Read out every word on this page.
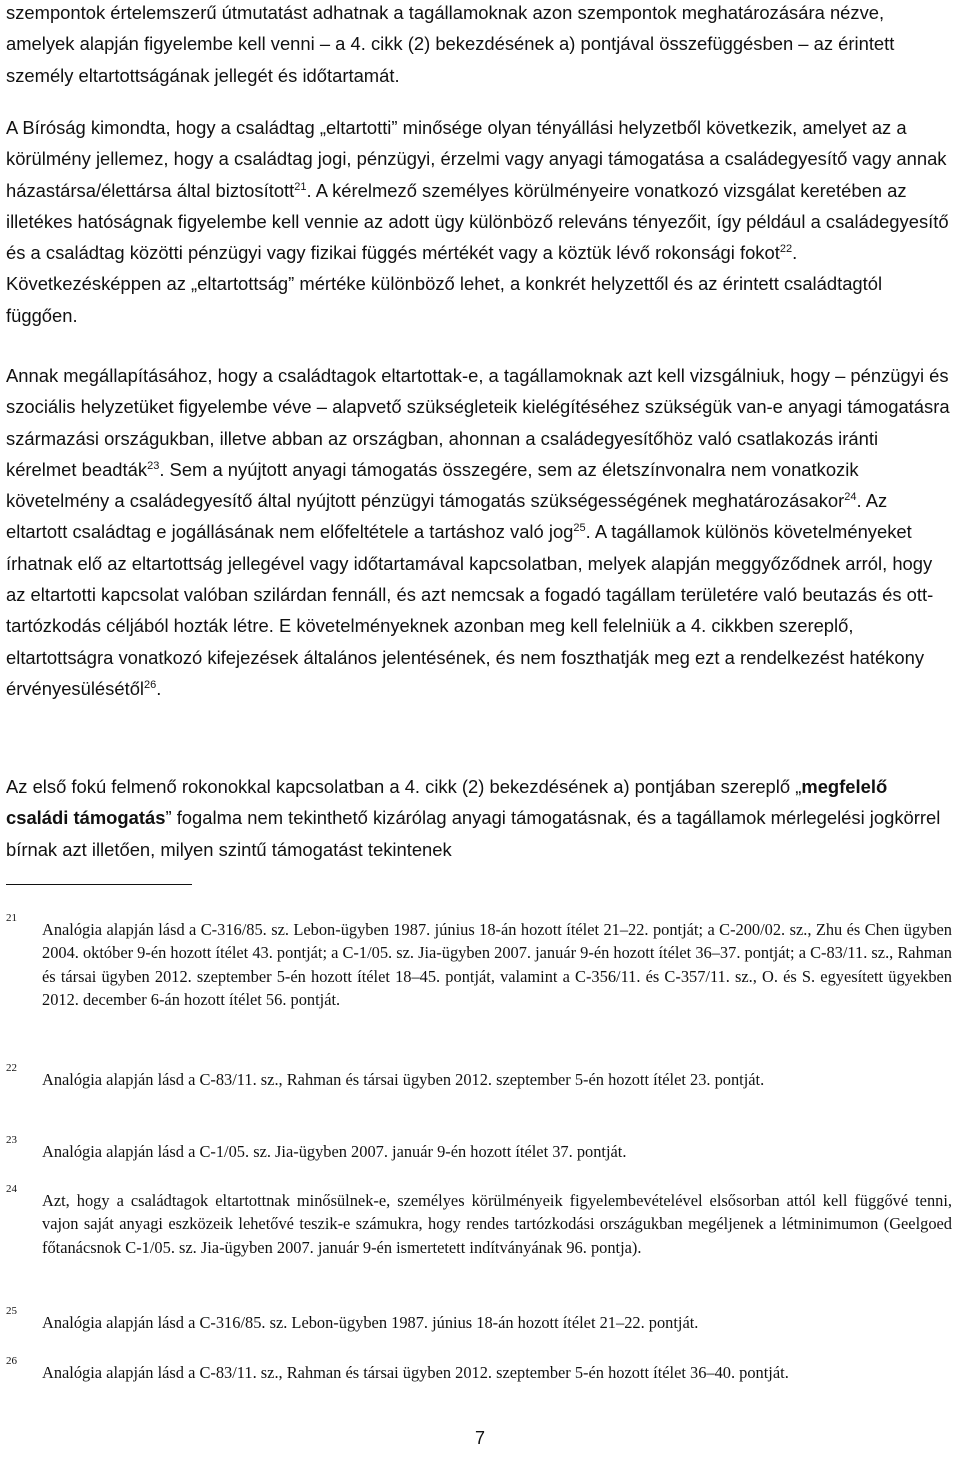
szempontok értelemszerű útmutatást adhatnak a tagállamoknak azon szempontok meghatározására nézve, amelyek alapján figyelembe kell venni – a 4. cikk (2) bekezdésének a) pontjával összefüggésben – az érintett személy eltartottságának jellegét és időtartamát.

A Bíróság kimondta, hogy a családtag „eltartotti” minősége olyan tényállási helyzetből következik, amelyet az a körülmény jellemez, hogy a családtag jogi, pénzügyi, érzelmi vagy anyagi támogatása a családegyesítő vagy annak házastársa/élettársa által biztosított$^{21}$. A kérelmező személyes körülményeire vonatkozó vizsgálat keretében az illetékes hatóságnak figyelembe kell vennie az adott ügy különböző releváns tényezőit, így például a családegyesítő és a családtag közötti pénzügyi vagy fizikai függés mértékét vagy a köztük lévő rokonsági fokot$^{22}$. Következésképpen az „eltartottság” mértéke különböző lehet, a konkrét helyzettől és az érintett családtagtól függően.

Annak megállapításához, hogy a családtagok eltartottak-e, a tagállamoknak azt kell vizsgálniuk, hogy – pénzügyi és szociális helyzetüket figyelembe véve – alapvető szükségleteik kielégítéséhez szükségük van-e anyagi támogatásra származási országukban, illetve abban az országban, ahonnan a családegyesítőhöz való csatlakozás iránti kérelmet beadták$^{23}$. Sem a nyújtott anyagi támogatás összegére, sem az életszínvonalra nem vonatkozik követelmény a családegyesítő által nyújtott pénzügyi támogatás szükségességének meghatározásakor$^{24}$. Az eltartott családtag e jogállásának nem előfeltétele a tartáshoz való jog$^{25}$. A tagállamok különös követelményeket írhatnak elő az eltartottság jellegével vagy időtartamával kapcsolatban, melyek alapján meggyőződnek arról, hogy az eltartotti kapcsolat valóban szilárdan fennáll, és azt nemcsak a fogadó tagállam területére való beutazás és ott-tartózkodás céljából hozták létre. E követelményeknek azonban meg kell felelniük a 4. cikkben szereplő, eltartottságra vonatkozó kifejezések általános jelentésének, és nem foszthatják meg ezt a rendelkezést hatékony érvényesülésétől$^{26}$.

Az első fokú felmenő rokonokkal kapcsolatban a 4. cikk (2) bekezdésének a) pontjában szereplő „megfelelő családi támogatás” fogalma nem tekinthető kizárólag anyagi támogatásnak, és a tagállamok mérlegelési jogkörrel bírnak azt illetően, milyen szintű támogatást tekintenek

21
Analógia alapján lásd a C-316/85. sz. Lebon-ügyben 1987. június 18-án hozott ítélet 21–22. pontját; a C-200/02. sz., Zhu és Chen ügyben 2004. október 9-én hozott ítélet 43. pontját; a C-1/05. sz. Jia-ügyben 2007. január 9-én hozott ítélet 36–37. pontját; a C-83/11. sz., Rahman és társai ügyben 2012. szeptember 5-én hozott ítélet 18–45. pontját, valamint a C-356/11. és C-357/11. sz., O. és S. egyesített ügyekben 2012. december 6-án hozott ítélet 56. pontját.
22
Analógia alapján lásd a C-83/11. sz., Rahman és társai ügyben 2012. szeptember 5-én hozott ítélet 23. pontját.
23
Analógia alapján lásd a C-1/05. sz. Jia-ügyben 2007. január 9-én hozott ítélet 37. pontját.
24
Azt, hogy a családtagok eltartottnak minősülnek-e, személyes körülményeik figyelembevételével elsősorban attól kell függővé tenni, vajon saját anyagi eszközeik lehetővé teszik-e számukra, hogy rendes tartózkodási országukban megéljenek a létminimumon (Geelgoed főtanácsnok C-1/05. sz. Jia-ügyben 2007. január 9-én ismertetett indítványának 96. pontja).
25
Analógia alapján lásd a C-316/85. sz. Lebon-ügyben 1987. június 18-án hozott ítélet 21–22. pontját.
26
Analógia alapján lásd a C-83/11. sz., Rahman és társai ügyben 2012. szeptember 5-én hozott ítélet 36–40. pontját.
7
